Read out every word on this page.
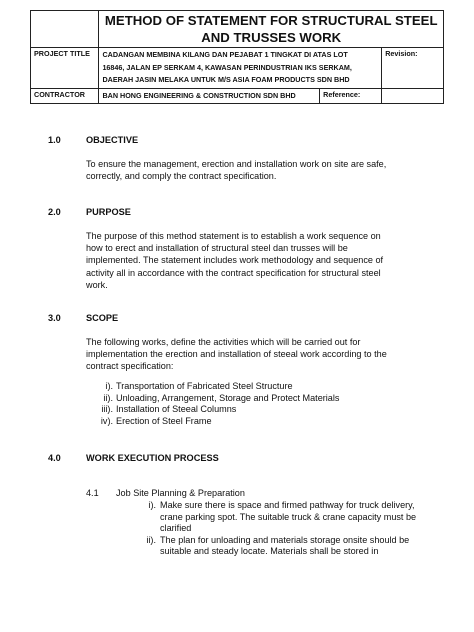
	METHOD OF STATEMENT FOR STRUCTURAL STEEL
AND TRUSSES WORK		

PROJECT TITLE	CADANGAN MEMBINA KILANG DAN PEJABAT 1 TINGKAT DI ATAS LOT
16846, JALAN EP SERKAM 4, KAWASAN PERINDUSTRIAN IKS SERKAM,
DAERAH JASIN MELAKA UNTUK M/S ASIA FOAM PRODUCTS SDN BHD		Revision:
CONTRACTOR	BAN HONG ENGINEERING & CONSTRUCTION SDN BHD	Reference:	
1.0	OBJECTIVE
To ensure the management, erection and installation work on site are safe,
correctly, and comply the contract specification.
2.0	PURPOSE
The purpose of this method statement is to establish a work sequence on
how to erect and installation of structural steel dan trusses will be
implemented. The statement includes work methodology and sequence of
activity all in accordance with the contract specification for structural steel
work.
3.0	SCOPE
The following works, define the activities which will be carried out for
implementation the erection and installation of steeal work according to the
contract specification:
i). Transportation of Fabricated Steel Structure
ii). Unloading, Arrangement, Storage and Protect Materials
iii). Installation of Steeal Columns
iv). Erection of Steel Frame
4.0	WORK EXECUTION PROCESS
4.1 Job Site Planning & Preparation
i). Make sure there is space and firmed pathway for truck delivery,
crane parking spot. The suitable truck & crane capacity must be
clarified
ii). The plan for unloading and materials storage onsite should be
suitable and steady locate. Materials shall be stored in
